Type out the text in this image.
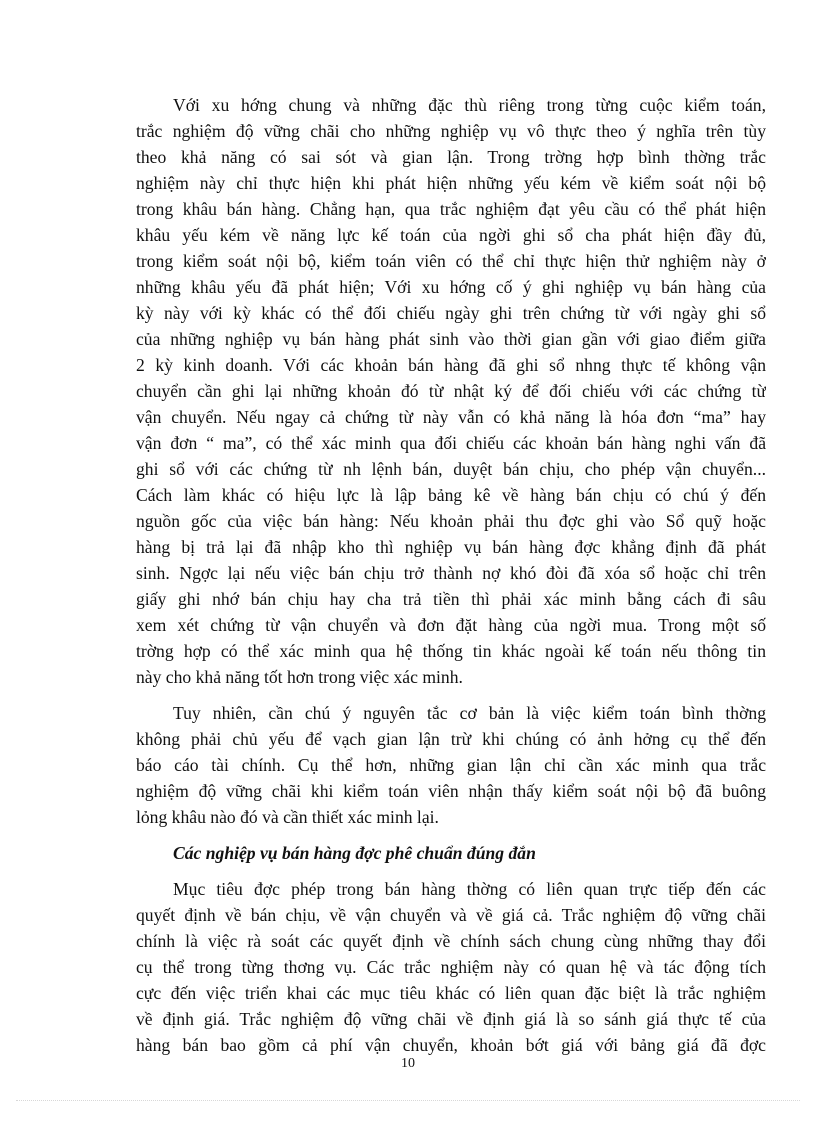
Với xu hớng chung và những đặc thù riêng trong từng cuộc kiểm toán,
trắc nghiệm độ vững chãi cho những nghiệp vụ vô thực theo ý nghĩa trên tùy
theo khả năng có sai sót và gian lận. Trong trờng hợp bình thờng trắc
nghiệm này chỉ thực hiện khi phát hiện những yếu kém về kiểm soát nội bộ
trong khâu bán hàng. Chẳng hạn, qua trắc nghiệm đạt yêu cầu có thể phát hiện
khâu yếu kém về năng lực kế toán của ngời ghi sổ cha phát hiện đầy đủ,
trong kiểm soát nội bộ, kiểm toán viên có thể chỉ thực hiện thử nghiệm này ở
những khâu yếu đã phát hiện; Với xu hớng cố ý ghi nghiệp vụ bán hàng của
kỳ này với kỳ khác có thể đối chiếu ngày ghi trên chứng từ với ngày ghi sổ
của những nghiệp vụ bán hàng phát sinh vào thời gian gần với giao điểm giữa
2 kỳ kinh doanh. Với các khoản bán hàng đã ghi sổ nhng thực tế không vận
chuyển cần ghi lại những khoản đó từ nhật ký để đối chiếu với các chứng từ
vận chuyển. Nếu ngay cả chứng từ này vẫn có khả năng là hóa đơn “ma” hay
vận đơn “ ma”, có thể xác minh qua đối chiếu các khoản bán hàng nghi vấn đã
ghi sổ với các chứng từ nh lệnh bán, duyệt bán chịu, cho phép vận chuyển...
Cách làm khác có hiệu lực là lập bảng kê về hàng bán chịu có chú ý đến
nguồn gốc của việc bán hàng: Nếu khoản phải thu đợc ghi vào Sổ quỹ hoặc
hàng bị trả lại đã nhập kho thì nghiệp vụ bán hàng đợc khẳng định đã phát
sinh. Ngợc lại nếu việc bán chịu trở thành nợ khó đòi đã xóa sổ hoặc chỉ trên
giấy ghi nhớ bán chịu hay cha trả tiền thì phải xác minh bằng cách đi sâu
xem xét chứng từ vận chuyển và đơn đặt hàng của ngời mua. Trong một số
trờng hợp có thể xác minh qua hệ thống tin khác ngoài kế toán nếu thông tin
này cho khả năng tốt hơn trong việc xác minh.

Tuy nhiên, cần chú ý nguyên tắc cơ bản là việc kiểm toán bình thờng
không phải chủ yếu để vạch gian lận trừ khi chúng có ảnh hởng cụ thể đến
báo cáo tài chính. Cụ thể hơn, những gian lận chỉ cần xác minh qua trắc
nghiệm độ vững chãi khi kiểm toán viên nhận thấy kiểm soát nội bộ đã buông
lỏng khâu nào đó và cần thiết xác minh lại.

Các nghiệp vụ bán hàng đợc phê chuẩn đúng đắn

Mục tiêu đợc phép trong bán hàng thờng có liên quan trực tiếp đến các
quyết định về bán chịu, về vận chuyển và về giá cả. Trắc nghiệm độ vững chãi
chính là việc rà soát các quyết định về chính sách chung cùng những thay đổi
cụ thể trong từng thơng vụ. Các trắc nghiệm này có quan hệ và tác động tích
cực đến việc triển khai các mục tiêu khác có liên quan đặc biệt là trắc nghiệm
về định giá. Trắc nghiệm độ vững chãi về định giá là so sánh giá thực tế của
hàng bán bao gồm cả phí vận chuyển, khoản bớt giá với bảng giá đã đợc

10
